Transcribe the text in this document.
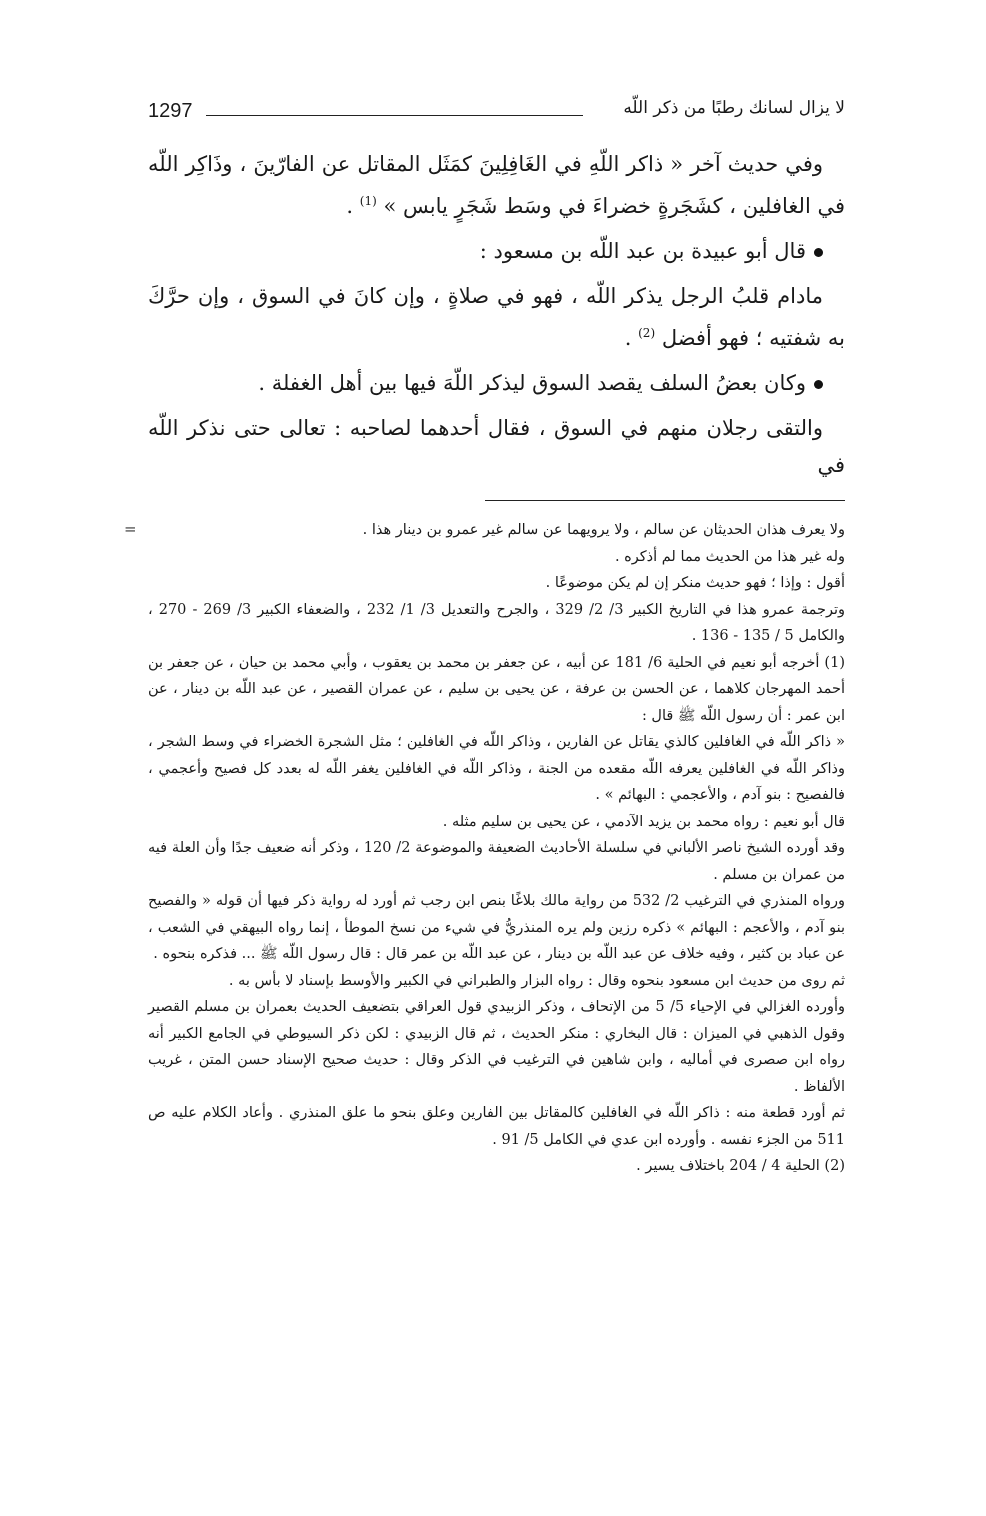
1297	لا يزال لسانك رطبًا من ذكر اللّه

وفي حديث آخر « ذاكر اللّهِ في الغَافِلِينَ كمَثَل المقاتل عن الفارّينَ ، وذَاكِر اللّه في الغافلين ، كشَجَرةٍ خضراءَ في وسَط شَجَرٍ يابس » $^{(1)}$ .

قال أبو عبيدة بن عبد اللّه بن مسعود :

مادام قلبُ الرجل يذكر اللّه ، فهو في صلاةٍ ، وإن كانَ في السوق ، وإن حرَّكَ به شفتيه ؛ فهو أفضل $^{(2)}$ .

وكان بعضُ السلف يقصد السوق ليذكر اللّهَ فيها بين أهل الغفلة .

والتقى رجلان منهم في السوق ، فقال أحدهما لصاحبه : تعالى حتى نذكر اللّه في

=	ولا يعرف هذان الحديثان عن سالم ، ولا يرويهما عن سالم غير عمرو بن دينار هذا .

وله غير هذا من الحديث مما لم أذكره .

أقول : وإذا ؛ فهو حديث منكر إن لم يكن موضوعًا .

وترجمة عمرو هذا في التاريخ الكبير 3/ 2/ 329 ، والجرح والتعديل 3/ 1/ 232 ، والضعفاء الكبير 3/ 269 - 270 ، والكامل 5 / 135 - 136 .

(1) أخرجه أبو نعيم في الحلية 6/ 181 عن أبيه ، عن جعفر بن محمد بن يعقوب ، وأبي محمد بن حيان ، عن جعفر بن أحمد المهرجان كلاهما ، عن الحسن بن عرفة ، عن يحيى بن سليم ، عن عمران القصير ، عن عبد اللّه بن دينار ، عن ابن عمر : أن رسول اللّه ﷺ قال :

« ذاكر اللّه في الغافلين كالذي يقاتل عن الفارين ، وذاكر اللّه في الغافلين ؛ مثل الشجرة الخضراء في وسط الشجر ، وذاكر اللّه في الغافلين يعرفه اللّه مقعده من الجنة ، وذاكر اللّه في الغافلين يغفر اللّه له بعدد كل فصيح وأعجمي ، فالفصيح : بنو آدم ، والأعجمي : البهائم » .

قال أبو نعيم : رواه محمد بن يزيد الآدمي ، عن يحيى بن سليم مثله .

وقد أورده الشيخ ناصر الألباني في سلسلة الأحاديث الضعيفة والموضوعة 2/ 120 ، وذكر أنه ضعيف جدًا وأن العلة فيه من عمران بن مسلم .

ورواه المنذري في الترغيب 2/ 532 من رواية مالك بلاغًا بنص ابن رجب ثم أورد له رواية ذكر فيها أن قوله « والفصيح بنو آدم ، والأعجم : البهائم » ذكره رزين ولم يره المنذريُّ في شيء من نسخ الموطأ ، إنما رواه البيهقي في الشعب ، عن عباد بن كثير ، وفيه خلاف عن عبد اللّه بن دينار ، عن عبد اللّه بن عمر قال : قال رسول اللّه ﷺ ... فذكره بنحوه .

ثم روى من حديث ابن مسعود بنحوه وقال : رواه البزار والطبراني في الكبير والأوسط بإسناد لا بأس به .

وأورده الغزالي في الإحياء 5/ 5 من الإتحاف ، وذكر الزبيدي قول العراقي بتضعيف الحديث بعمران بن مسلم القصير وقول الذهبي في الميزان : قال البخاري : منكر الحديث ، ثم قال الزبيدي : لكن ذكر السيوطي في الجامع الكبير أنه رواه ابن صصرى في أماليه ، وابن شاهين في الترغيب في الذكر وقال : حديث صحيح الإسناد حسن المتن ، غريب الألفاظ .

ثم أورد قطعة منه : ذاكر اللّه في الغافلين كالمقاتل بين الفارين وعلق بنحو ما علق المنذري . وأعاد الكلام عليه ص 511 من الجزء نفسه . وأورده ابن عدي في الكامل 5/ 91 .

(2) الحلية 4 / 204 باختلاف يسير .
